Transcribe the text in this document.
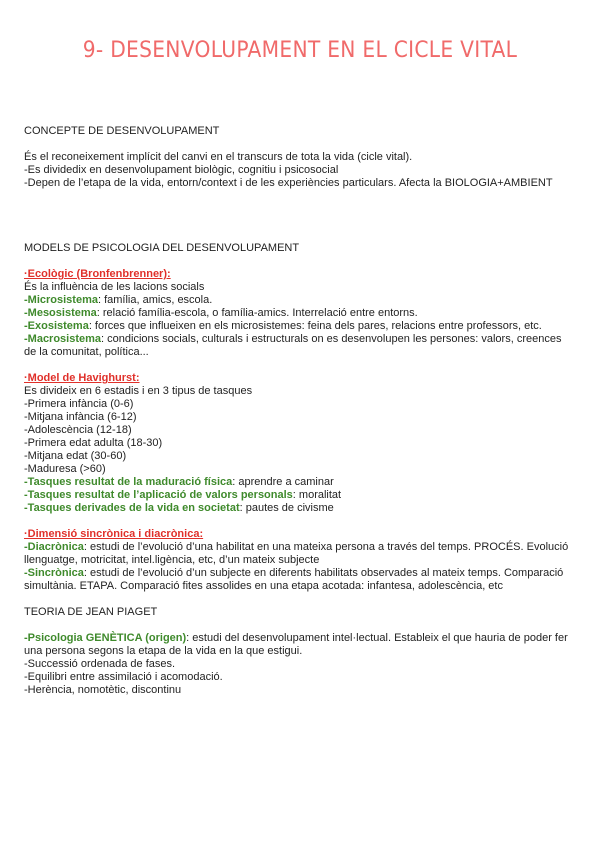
9- DESENVOLUPAMENT EN EL CICLE VITAL

CONCEPTE DE DESENVOLUPAMENT

És el reconeixement implícit del canvi en el transcurs de tota la vida (cicle vital).

-Es dividedix en desenvolupament biològic, cognitiu i psicosocial

-Depen de l’etapa de la vida, entorn/context i de les experiències particulars. Afecta la BIOLOGIA+AMBIENT

MODELS DE PSICOLOGIA DEL DESENVOLUPAMENT

·Ecològic (Bronfenbrenner):

És la influència de les lacions socials

-Microsistema: família, amics, escola.

-Mesosistema: relació família-escola, o família-amics. Interrelació entre entorns.

-Exosistema: forces que influeixen en els microsistemes: feina dels pares, relacions entre professors, etc.

-Macrosistema: condicions socials, culturals i estructurals on es desenvolupen les persones: valors, creences de la comunitat, política...

·Model de Havighurst:

Es divideix en 6 estadis i en 3 tipus de tasques

-Primera infància (0-6)

-Mitjana infància (6-12)

-Adolescència (12-18)

-Primera edat adulta (18-30)

-Mitjana edat (30-60)

-Maduresa (>60)

-Tasques resultat de la maduració física: aprendre a caminar

-Tasques resultat de l’aplicació de valors personals: moralitat

-Tasques derivades de la vida en societat: pautes de civisme

·Dimensió sincrònica i diacrònica:

-Diacrònica: estudi de l’evolució d’una habilitat en una mateixa persona a través del temps. PROCÉS. Evolució llenguatge, motricitat, intel.ligència, etc, d’un mateix subjecte

-Sincrònica: estudi de l’evolució d’un subjecte en diferents habilitats observades al mateix temps. Comparació simultània. ETAPA. Comparació fites assolides en una etapa acotada: infantesa, adolescència, etc

TEORIA DE JEAN PIAGET

-Psicologia GENÈTICA (origen): estudi del desenvolupament intel·lectual. Estableix el que hauria de poder fer una persona segons la etapa de la vida en la que estigui.

-Successió ordenada de fases.

-Equilibri entre assimilació i acomodació.

-Herència, nomotètic, discontinu
